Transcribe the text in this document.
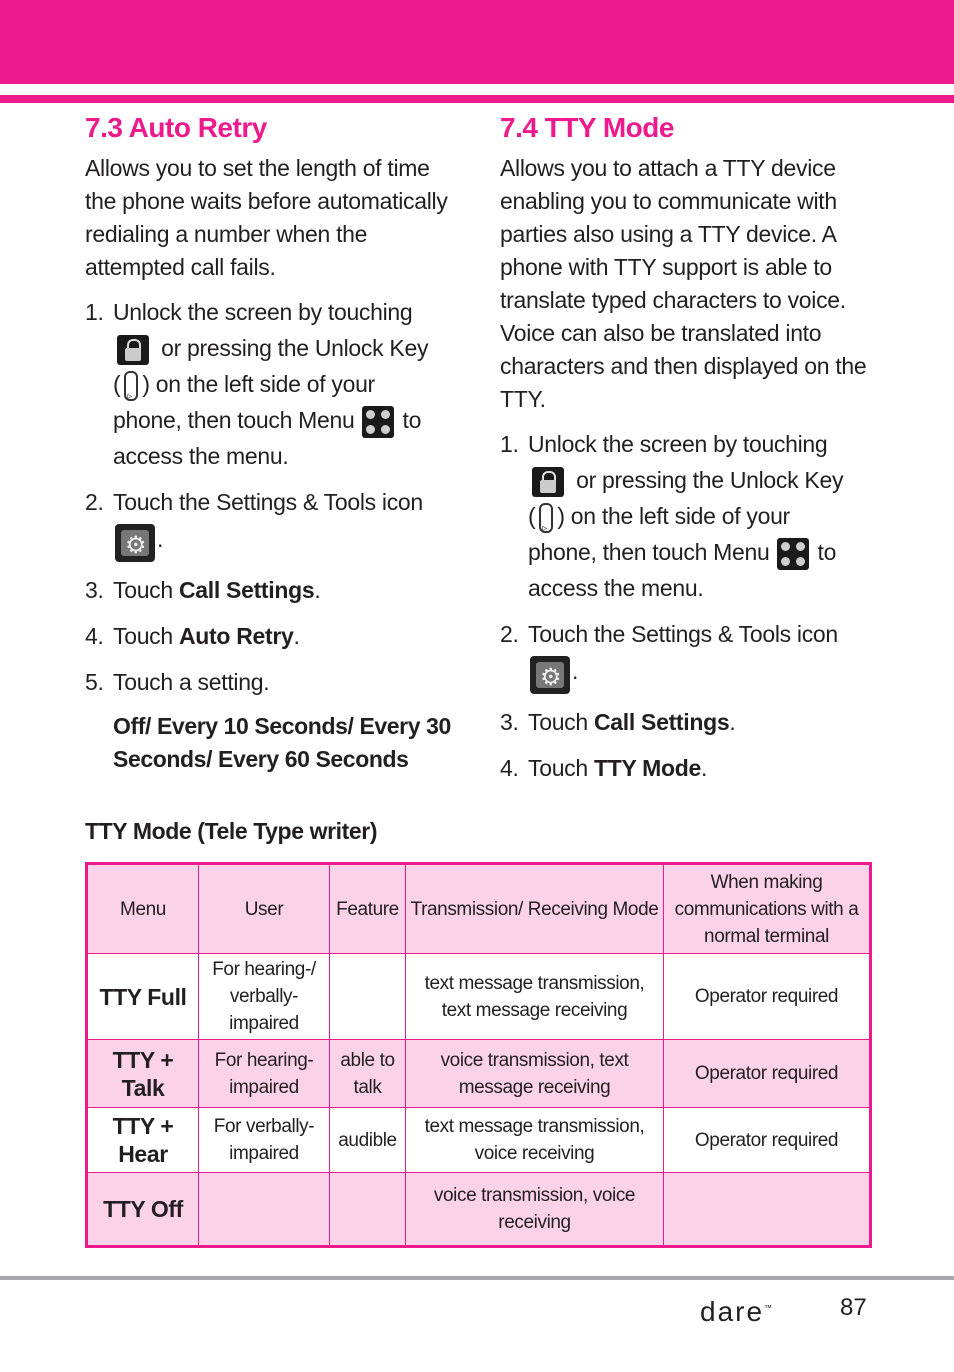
7.3 Auto Retry

Allows you to set the length of time the phone waits before automatically redialing a number when the attempted call fails.

1. Unlock the screen by touching
or pressing the Unlock Key
( ▹ ) on the left side of your
phone, then touch Menu to
access the menu.
2. Touch the Settings & Tools icon
⚙.
3. Touch Call Settings.
4. Touch Auto Retry.
5. Touch a setting.
Off/ Every 10 Seconds/ Every 30 Seconds/ Every 60 Seconds
7.4 TTY Mode

Allows you to attach a TTY device enabling you to communicate with parties also using a TTY device. A phone with TTY support is able to translate typed characters to voice. Voice can also be translated into characters and then displayed on the TTY.

1. Unlock the screen by touching
or pressing the Unlock Key
( ▹ ) on the left side of your
phone, then touch Menu to
access the menu.
2. Touch the Settings & Tools icon
⚙.
3. Touch Call Settings.
4. Touch TTY Mode.
TTY Mode (Tele Type writer)
Menu	User	Feature	Transmission/ Receiving Mode	When making communications with a normal terminal
TTY Full	For hearing-/ verbally-impaired		text message transmission, text message receiving	Operator required
TTY + Talk	For hearing-impaired	able to talk	voice transmission, text message receiving	Operator required
TTY + Hear	For verbally-impaired	audible	text message transmission, voice receiving	Operator required
TTY Off			voice transmission, voice receiving	
dare™	87
